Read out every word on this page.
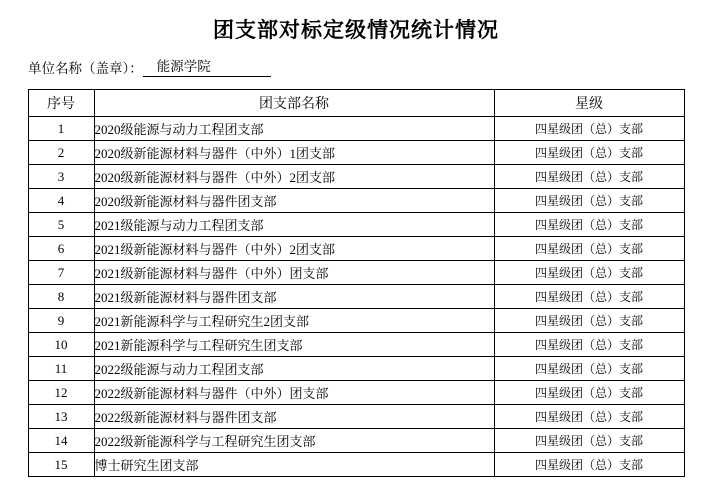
团支部对标定级情况统计情况
单位名称（盖章）：	能源学院
序号	团支部名称	星级
1	2020级能源与动力工程团支部	四星级团（总）支部
2	2020级新能源材料与器件（中外）1团支部	四星级团（总）支部
3	2020级新能源材料与器件（中外）2团支部	四星级团（总）支部
4	2020级新能源材料与器件团支部	四星级团（总）支部
5	2021级能源与动力工程团支部	四星级团（总）支部
6	2021级新能源材料与器件（中外）2团支部	四星级团（总）支部
7	2021级新能源材料与器件（中外）团支部	四星级团（总）支部
8	2021级新能源材料与器件团支部	四星级团（总）支部
9	2021新能源科学与工程研究生2团支部	四星级团（总）支部
10	2021新能源科学与工程研究生团支部	四星级团（总）支部
11	2022级能源与动力工程团支部	四星级团（总）支部
12	2022级新能源材料与器件（中外）团支部	四星级团（总）支部
13	2022级新能源材料与器件团支部	四星级团（总）支部
14	2022级新能源科学与工程研究生团支部	四星级团（总）支部
15	博士研究生团支部	四星级团（总）支部
